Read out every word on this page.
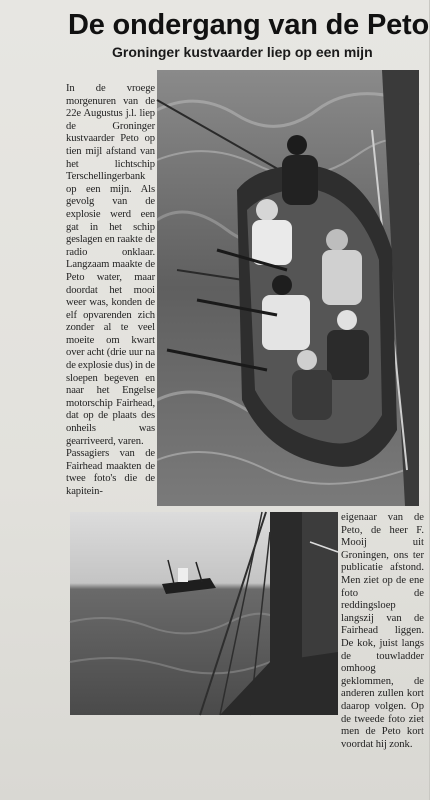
De ondergang van de Peto
Groninger kustvaarder liep op een mijn

In de vroege morgenuren van de 22e Augustus j.l. liep de Groninger kustvaarder Peto op tien mijl afstand van het lichtschip Terschellingerbank op een mijn. Als gevolg van de explosie werd een gat in het schip geslagen en raakte de radio onklaar. Langzaam maakte de Peto water, maar doordat het mooi weer was, konden de elf opvarenden zich zonder al te veel moeite om kwart over acht (drie uur na de explosie dus) in de sloepen begeven en naar het Engelse motorschip Fairhead, dat op de plaats des onheils was gearriveerd, varen.

Passagiers van de Fairhead maakten de twee foto's die de kapitein-

eigenaar van de Peto, de heer F. Mooij uit Groningen, ons ter publicatie afstond. Men ziet op de ene foto de reddingsloep langszij van de Fairhead liggen. De kok, juist langs de touwladder omhoog geklommen, de anderen zullen kort daarop volgen. Op de tweede foto ziet men de Peto kort voordat hij zonk.
